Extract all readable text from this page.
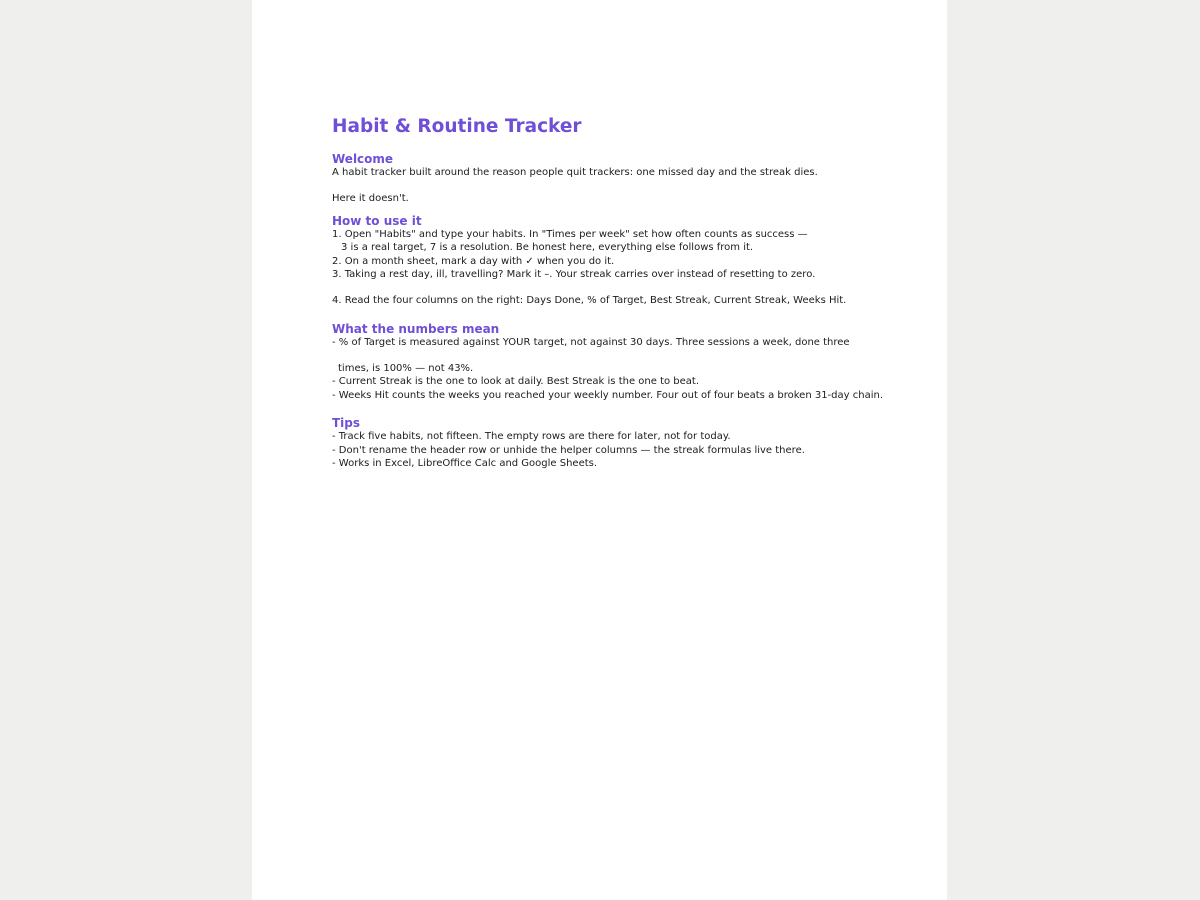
Habit & Routine Tracker
Welcome

A habit tracker built around the reason people quit trackers: one missed day and the streak dies.

Here it doesn't.

How to use it

1. Open "Habits" and type your habits. In "Times per week" set how often counts as success —

3 is a real target, 7 is a resolution. Be honest here, everything else follows from it.

2. On a month sheet, mark a day with ✓ when you do it.

3. Taking a rest day, ill, travelling? Mark it –. Your streak carries over instead of resetting to zero.

4. Read the four columns on the right: Days Done, % of Target, Best Streak, Current Streak, Weeks Hit.

What the numbers mean

- % of Target is measured against YOUR target, not against 30 days. Three sessions a week, done three

times, is 100% — not 43%.

- Current Streak is the one to look at daily. Best Streak is the one to beat.

- Weeks Hit counts the weeks you reached your weekly number. Four out of four beats a broken 31-day chain.

Tips

- Track five habits, not fifteen. The empty rows are there for later, not for today.

- Don't rename the header row or unhide the helper columns — the streak formulas live there.

- Works in Excel, LibreOffice Calc and Google Sheets.
